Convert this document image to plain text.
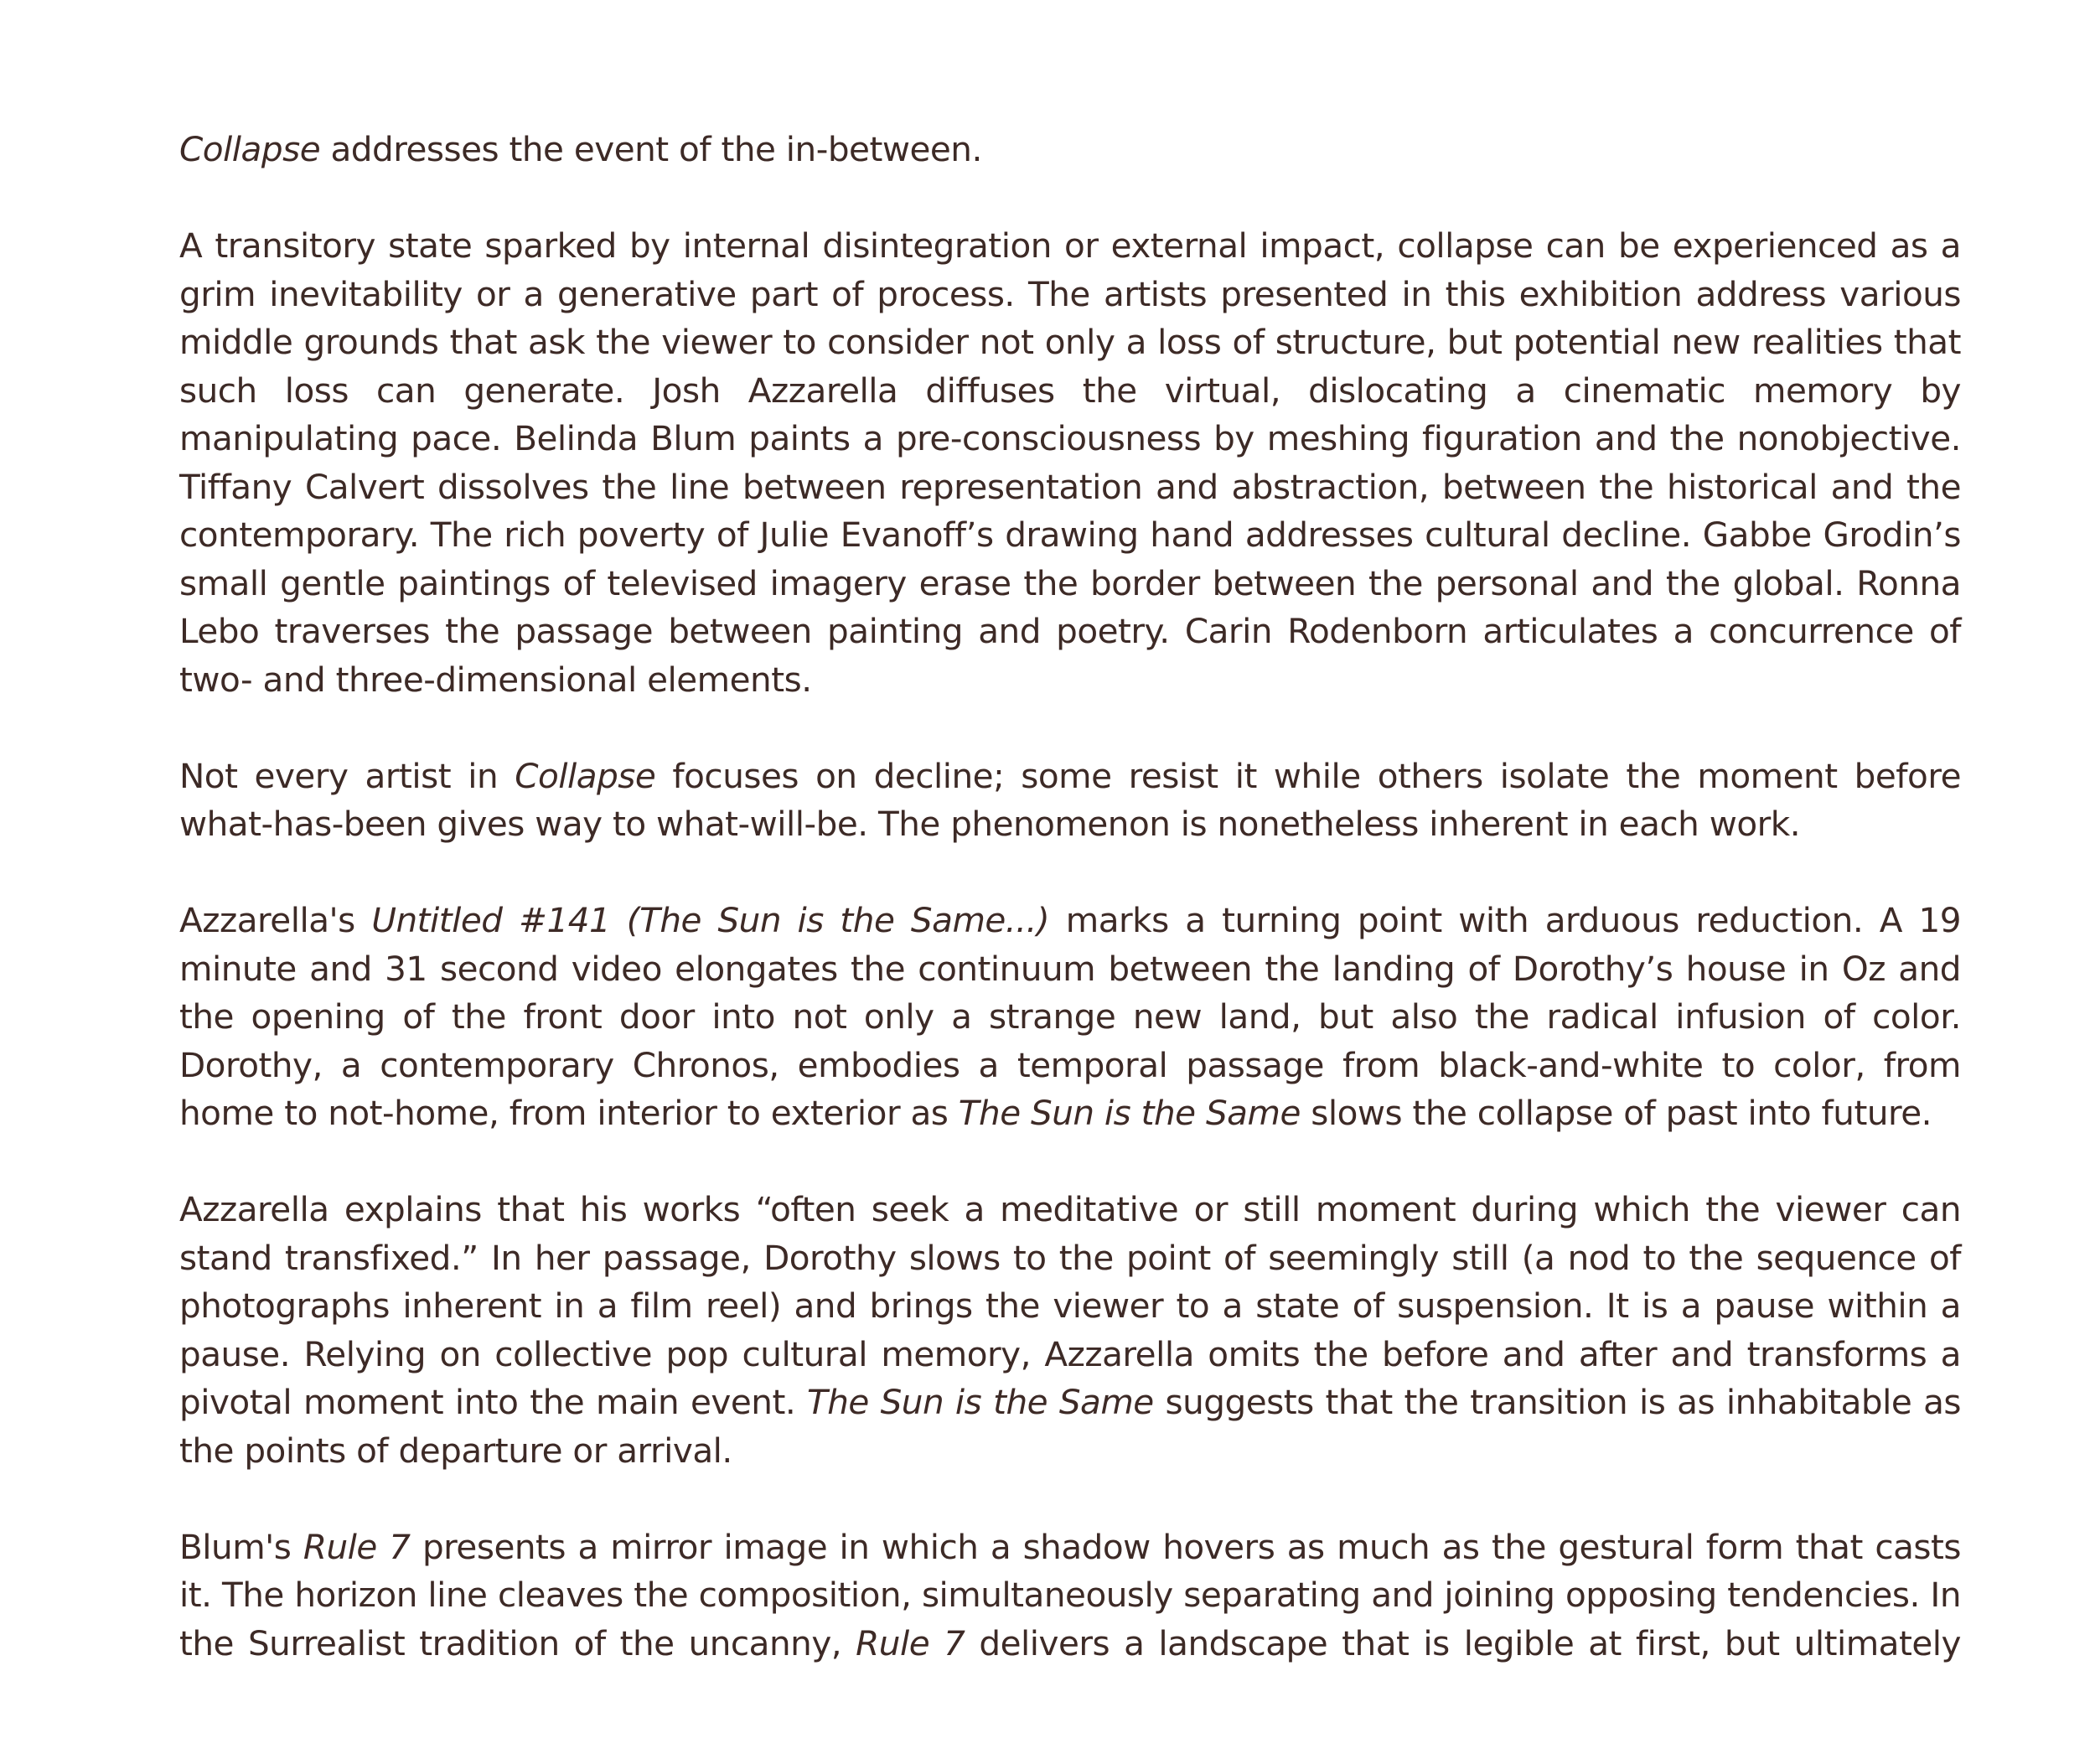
Collapse addresses the event of the in-between.

A transitory state sparked by internal disintegration or external impact, collapse can be experienced as a grim inevitability or a generative part of process. The artists presented in this exhibition address various middle grounds that ask the viewer to consider not only a loss of structure, but potential new realities that such loss can generate. Josh Azzarella diffuses the virtual, dislocating a cinematic memory by manipulating pace. Belinda Blum paints a pre-consciousness by meshing figuration and the nonobjective. Tiffany Calvert dissolves the line between representation and abstraction, between the historical and the contemporary. The rich poverty of Julie Evanoff’s drawing hand addresses cultural decline. Gabbe Grodin’s small gentle paintings of televised imagery erase the border between the personal and the global. Ronna Lebo traverses the passage between painting and poetry. Carin Rodenborn articulates a concurrence of two- and three-dimensional elements.

Not every artist in Collapse focuses on decline; some resist it while others isolate the moment before what-has-been gives way to what-will-be. The phenomenon is nonetheless inherent in each work.

Azzarella's Untitled #141 (The Sun is the Same...) marks a turning point with arduous reduction. A 19 minute and 31 second video elongates the continuum between the landing of Dorothy’s house in Oz and the opening of the front door into not only a strange new land, but also the radical infusion of color. Dorothy, a contemporary Chronos, embodies a temporal passage from black-and-white to color, from home to not-home, from interior to exterior as The Sun is the Same slows the collapse of past into future.

Azzarella explains that his works “often seek a meditative or still moment during which the viewer can stand transfixed.” In her passage, Dorothy slows to the point of seemingly still (a nod to the sequence of photographs inherent in a film reel) and brings the viewer to a state of suspension. It is a pause within a pause. Relying on collective pop cultural memory, Azzarella omits the before and after and transforms a pivotal moment into the main event. The Sun is the Same suggests that the transition is as inhabitable as the points of departure or arrival.

Blum's Rule 7 presents a mirror image in which a shadow hovers as much as the gestural form that casts it. The horizon line cleaves the composition, simultaneously separating and joining opposing tendencies. In the Surrealist tradition of the uncanny, Rule 7 delivers a landscape that is legible at first, but ultimately
